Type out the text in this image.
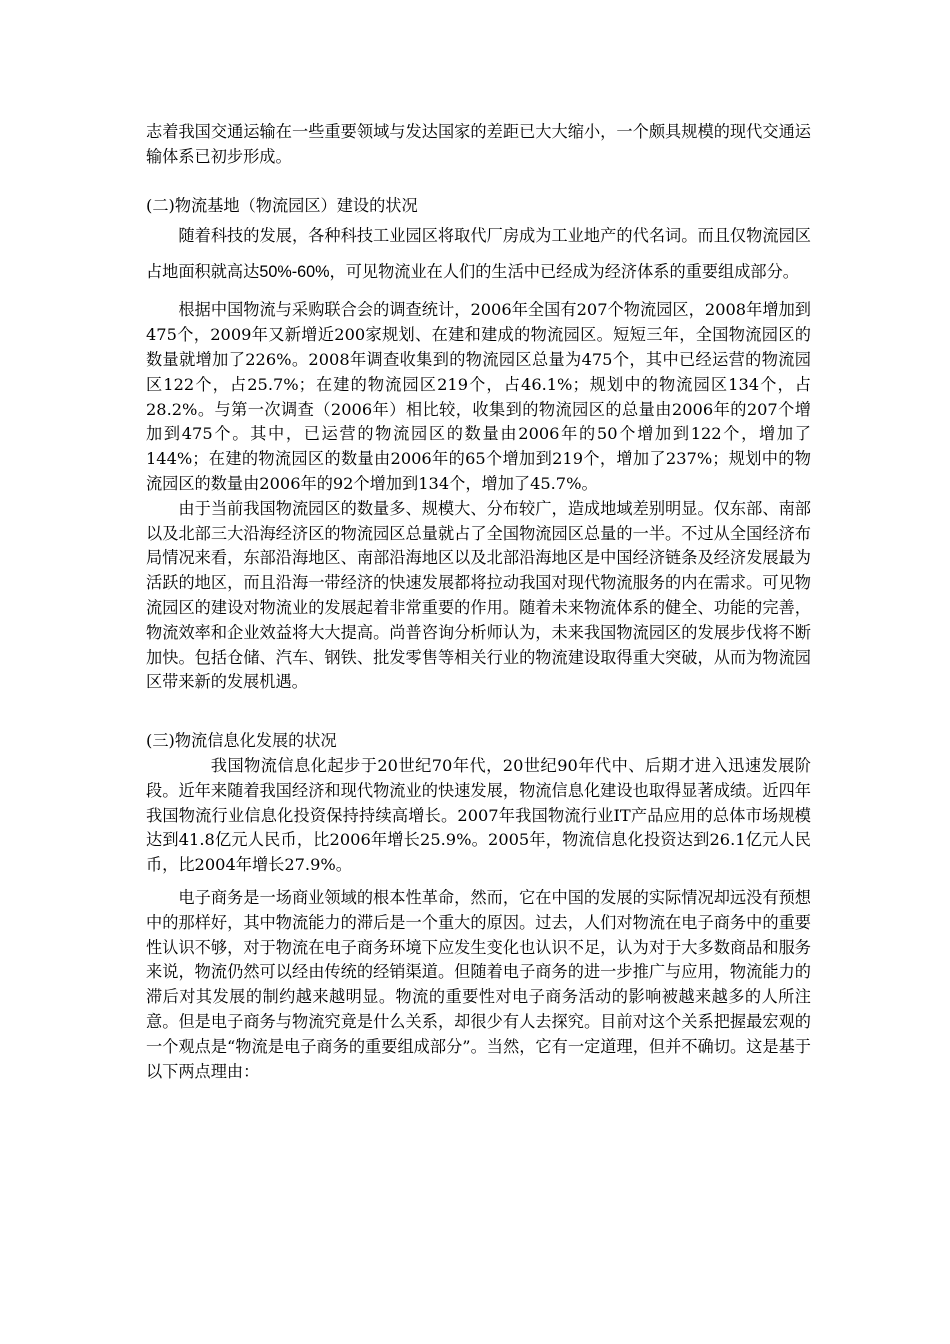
志着我国交通运输在一些重要领域与发达国家的差距已大大缩小，一个颇具规模的现代交通运输体系已初步形成。

(二)物流基地（物流园区）建设的状况

随着科技的发展，各种科技工业园区将取代厂房成为工业地产的代名词。而且仅物流园区占地面积就高达50%-60%，可见物流业在人们的生活中已经成为经济体系的重要组成部分。

根据中国物流与采购联合会的调查统计，2006年全国有207个物流园区，2008年增加到475个，2009年又新增近200家规划、在建和建成的物流园区。短短三年，全国物流园区的数量就增加了226%。2008年调查收集到的物流园区总量为475个，其中已经运营的物流园区122个，占25.7%；在建的物流园区219个，占46.1%；规划中的物流园区134个，占28.2%。与第一次调查（2006年）相比较，收集到的物流园区的总量由2006年的207个增加到475个。其中，已运营的物流园区的数量由2006年的50个增加到122个，增加了144%；在建的物流园区的数量由2006年的65个增加到219个，增加了237%；规划中的物流园区的数量由2006年的92个增加到134个，增加了45.7%。

由于当前我国物流园区的数量多、规模大、分布较广，造成地域差别明显。仅东部、南部以及北部三大沿海经济区的物流园区总量就占了全国物流园区总量的一半。不过从全国经济布局情况来看，东部沿海地区、南部沿海地区以及北部沿海地区是中国经济链条及经济发展最为活跃的地区，而且沿海一带经济的快速发展都将拉动我国对现代物流服务的内在需求。可见物流园区的建设对物流业的发展起着非常重要的作用。随着未来物流体系的健全、功能的完善，物流效率和企业效益将大大提高。尚普咨询分析师认为，未来我国物流园区的发展步伐将不断加快。包括仓储、汽车、钢铁、批发零售等相关行业的物流建设取得重大突破，从而为物流园区带来新的发展机遇。

(三)物流信息化发展的状况

我国物流信息化起步于20世纪70年代，20世纪90年代中、后期才进入迅速发展阶段。近年来随着我国经济和现代物流业的快速发展，物流信息化建设也取得显著成绩。近四年我国物流行业信息化投资保持持续高增长。2007年我国物流行业IT产品应用的总体市场规模达到41.8亿元人民币，比2006年增长25.9%。2005年，物流信息化投资达到26.1亿元人民币，比2004年增长27.9%。

电子商务是一场商业领域的根本性革命，然而，它在中国的发展的实际情况却远没有预想中的那样好，其中物流能力的滞后是一个重大的原因。过去，人们对物流在电子商务中的重要性认识不够，对于物流在电子商务环境下应发生变化也认识不足，认为对于大多数商品和服务来说，物流仍然可以经由传统的经销渠道。但随着电子商务的进一步推广与应用，物流能力的滞后对其发展的制约越来越明显。物流的重要性对电子商务活动的影响被越来越多的人所注意。但是电子商务与物流究竟是什么关系，却很少有人去探究。目前对这个关系把握最宏观的一个观点是“物流是电子商务的重要组成部分”。当然，它有一定道理，但并不确切。这是基于以下两点理由：
